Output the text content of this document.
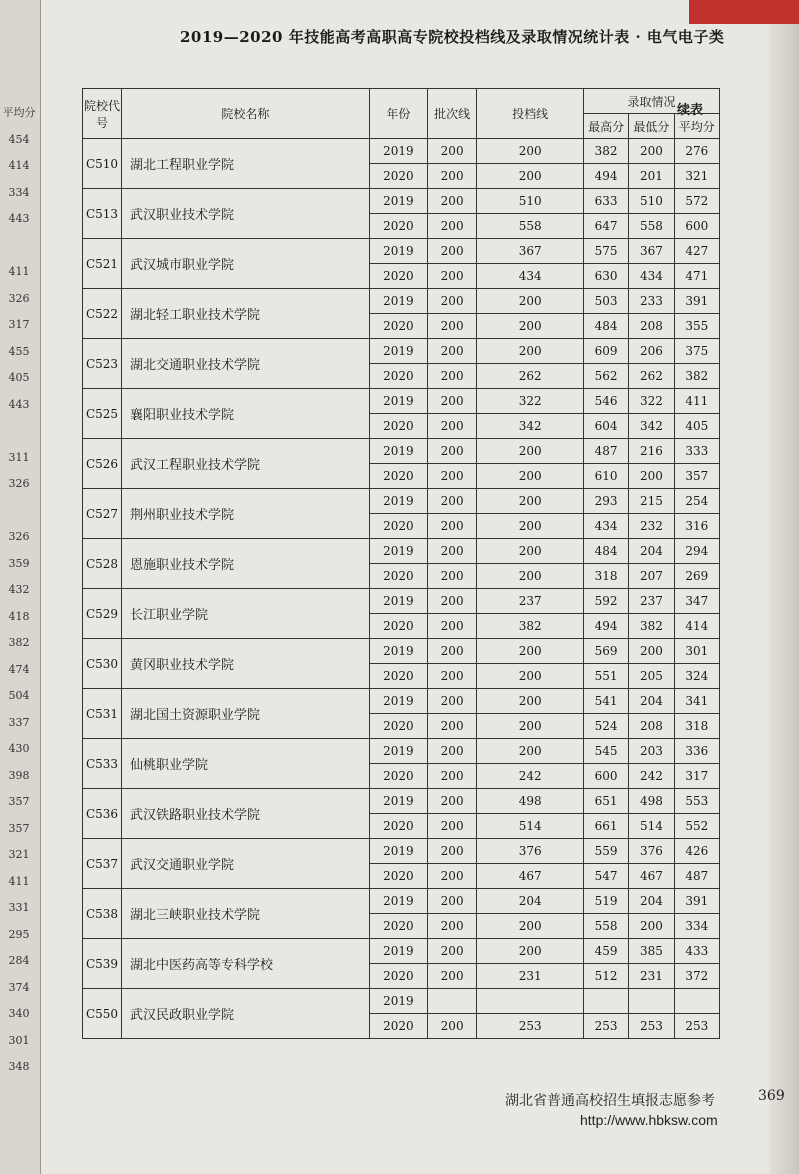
平均分
454
414
334
443
411
326
317
455
405
443
311
326
326
359
432
418
382
474
504
337
430
398
357
357
321
411
331
295
284
374
340
301
348
2019—2020 年技能高考高职高专院校投档线及录取情况统计表 · 电气电子类
续表
院校代号	院校名称	年份	批次线	投档线	录取情况		
					最高分	最低分	平均分
C510	湖北工程职业学院	2019	200	200	382	200	276
		2020	200	200	494	201	321
C513	武汉职业技术学院	2019	200	510	633	510	572
		2020	200	558	647	558	600
C521	武汉城市职业学院	2019	200	367	575	367	427
		2020	200	434	630	434	471
C522	湖北轻工职业技术学院	2019	200	200	503	233	391
		2020	200	200	484	208	355
C523	湖北交通职业技术学院	2019	200	200	609	206	375
		2020	200	262	562	262	382
C525	襄阳职业技术学院	2019	200	322	546	322	411
		2020	200	342	604	342	405
C526	武汉工程职业技术学院	2019	200	200	487	216	333
		2020	200	200	610	200	357
C527	荆州职业技术学院	2019	200	200	293	215	254
		2020	200	200	434	232	316
C528	恩施职业技术学院	2019	200	200	484	204	294
		2020	200	200	318	207	269
C529	长江职业学院	2019	200	237	592	237	347
		2020	200	382	494	382	414
C530	黄冈职业技术学院	2019	200	200	569	200	301
		2020	200	200	551	205	324
C531	湖北国土资源职业学院	2019	200	200	541	204	341
		2020	200	200	524	208	318
C533	仙桃职业学院	2019	200	200	545	203	336
		2020	200	242	600	242	317
C536	武汉铁路职业技术学院	2019	200	498	651	498	553
		2020	200	514	661	514	552
C537	武汉交通职业学院	2019	200	376	559	376	426
		2020	200	467	547	467	487
C538	湖北三峡职业技术学院	2019	200	204	519	204	391
		2020	200	200	558	200	334
C539	湖北中医药高等专科学校	2019	200	200	459	385	433
		2020	200	231	512	231	372
C550	武汉民政职业学院	2019					
		2020	200	253	253	253	253
湖北省普通高校招生填报志愿参考	369
http://www.hbksw.com
